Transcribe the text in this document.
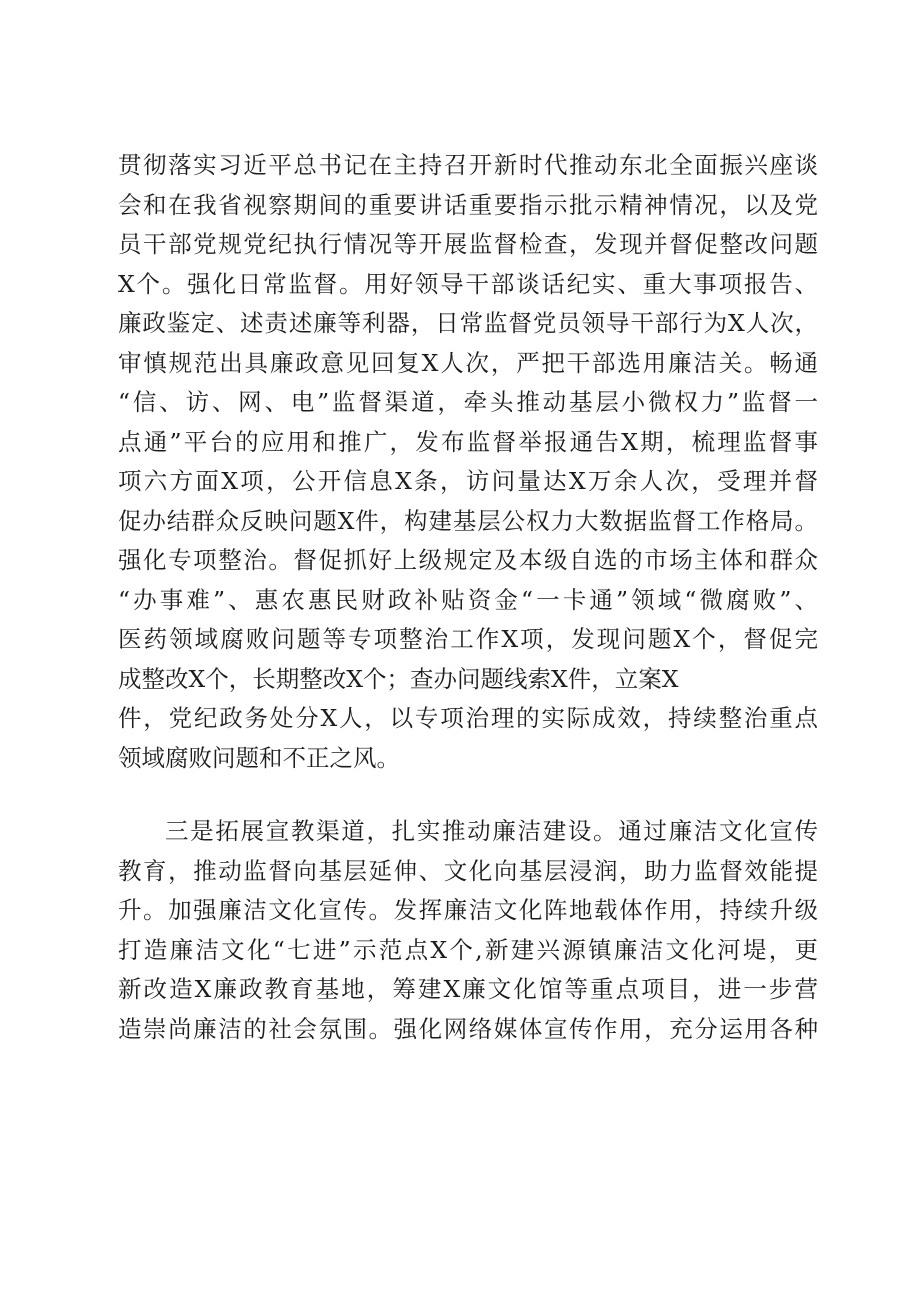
贯彻落实习近平总书记在主持召开新时代推动东北全面振兴座谈
会和在我省视察期间的重要讲话重要指示批示精神情况，以及党
员干部党规党纪执行情况等开展监督检查，发现并督促整改问题
X个。强化日常监督。用好领导干部谈话纪实、重大事项报告、
廉政鉴定、述责述廉等利器，日常监督党员领导干部行为X人次，
审慎规范出具廉政意见回复X人次，严把干部选用廉洁关。畅通
“信、访、网、电”监督渠道，牵头推动基层小微权力”监督一
点通”平台的应用和推广，发布监督举报通告X期，梳理监督事
项六方面X项，公开信息X条，访问量达X万余人次，受理并督
促办结群众反映问题X件，构建基层公权力大数据监督工作格局。
强化专项整治。督促抓好上级规定及本级自选的市场主体和群众
“办事难”、惠农惠民财政补贴资金“一卡通”领域“微腐败”、
医药领域腐败问题等专项整治工作X项，发现问题X个，督促完
成整改X个，长期整改X个；查办问题线索X件，立案X
件，党纪政务处分X人，以专项治理的实际成效，持续整治重点
领域腐败问题和不正之风。
三是拓展宣教渠道，扎实推动廉洁建设。通过廉洁文化宣传
教育，推动监督向基层延伸、文化向基层浸润，助力监督效能提
升。加强廉洁文化宣传。发挥廉洁文化阵地载体作用，持续升级
打造廉洁文化“七进”示范点X个,新建兴源镇廉洁文化河堤，更
新改造X廉政教育基地，筹建X廉文化馆等重点项目，进一步营
造崇尚廉洁的社会氛围。强化网络媒体宣传作用，充分运用各种
